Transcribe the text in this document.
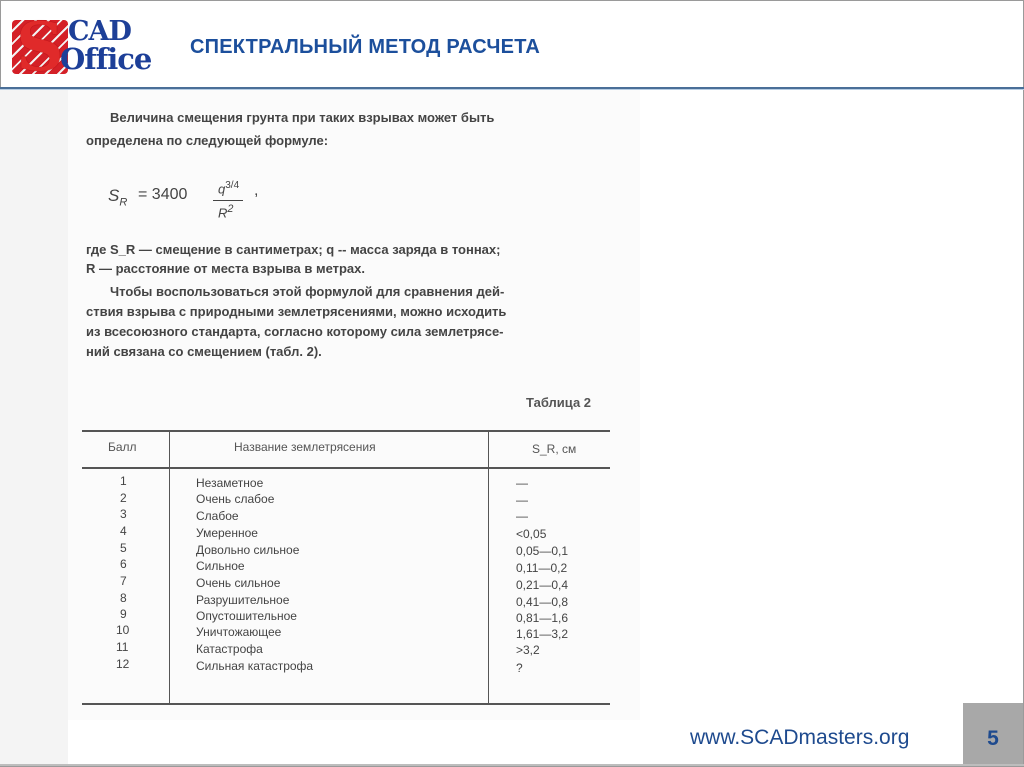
S CAD
Office СПЕКТРАЛЬНЫЙ МЕТОД РАСЧЕТА
Величина смещения грунта при таких взрывах может быть
определена по следующей формуле:
$S_R = 3400$ $q^{3/4}$
$R^2$
,
где S_R — смещение в сантиметрах; q -- масса заряда в тоннах;
R — расстояние от места взрыва в метрах.
Чтобы воспользоваться этой формулой для сравнения дей-
ствия взрыва с природными землетрясениями, можно исходить
из всесоюзного стандарта, согласно которому сила землетрясе-
ний связана со смещением (табл. 2).
Таблица 2
Балл	Название землетрясения	S_R, см
1	Незаметное	—
2	Очень слабое	—
3	Слабое	—
4	Умеренное	<0,05
5	Довольно сильное	0,05—0,1
6	Сильное	0,11—0,2
7	Очень сильное	0,21—0,4
8	Разрушительное	0,41—0,8
9	Опустошительное	0,81—1,6
10	Уничтожающее	1,61—3,2
11	Катастрофа	>3,2
12	Сильная катастрофа	?
www.SCADmasters.org	5
